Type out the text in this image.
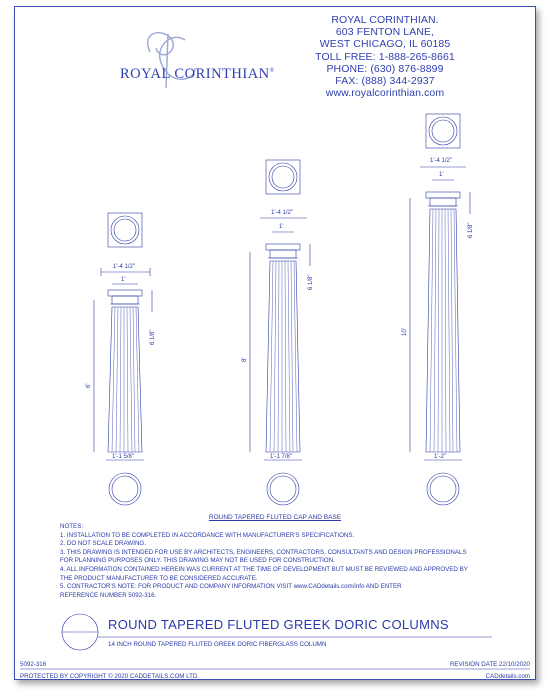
ROYAL CORINTHIAN.
603 FENTON LANE,
WEST CHICAGO, IL 60185
TOLL FREE: 1-888-265-8661
PHONE: (630) 876-8899
FAX: (888) 344-2937
www.royalcorinthian.com
ROYAL CORINTHIAN®
1'-4 1/2"
1'
6 1/8"
6'
1'-1 5/8"
1'-4 1/2"
1'
6 1/8"
8'
1'-1 7/8"
1'-4 1/2"
1'
6 1/8"
10'
1'-2"
ROUND TAPERED FLUTED CAP AND BASE
NOTES:
1. INSTALLATION TO BE COMPLETED IN ACCORDANCE WITH MANUFACTURER'S SPECIFICATIONS.
2. DO NOT SCALE DRAWING.
3. THIS DRAWING IS INTENDED FOR USE BY ARCHITECTS, ENGINEERS, CONTRACTORS, CONSULTANTS AND DESIGN PROFESSIONALS
FOR PLANNING PURPOSES ONLY. THIS DRAWING MAY NOT BE USED FOR CONSTRUCTION.
4. ALL INFORMATION CONTAINED HEREIN WAS CURRENT AT THE TIME OF DEVELOPMENT BUT MUST BE REVIEWED AND APPROVED BY
THE PRODUCT MANUFACTURER TO BE CONSIDERED ACCURATE.
5. CONTRACTOR'S NOTE: FOR PRODUCT AND COMPANY INFORMATION VISIT www.CADdetails.com/info AND ENTER
REFERENCE NUMBER 5092-316.
ROUND TAPERED FLUTED GREEK DORIC COLUMNS
14 INCH ROUND TAPERED FLUTED GREEK DORIC FIBERGLASS COLUMN
5092-316	REVISION DATE 22/10/2020
PROTECTED BY COPYRIGHT © 2020 CADDETAILS.COM LTD.	CADdetails.com
